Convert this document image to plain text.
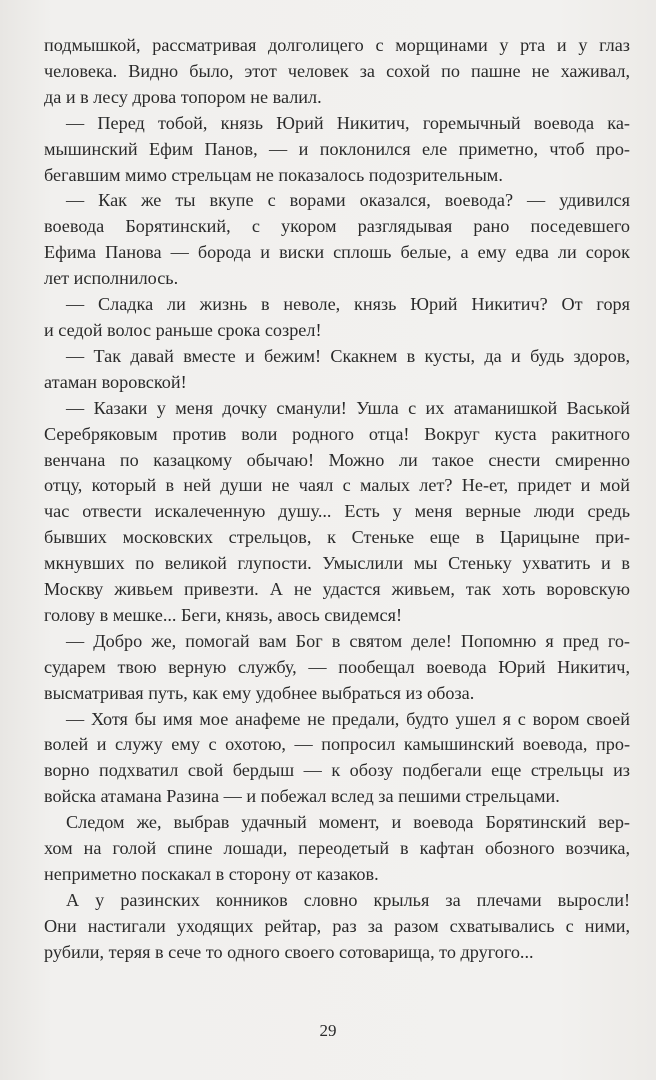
подмышкой, рассматривая долголицего с морщинами у рта и у глаз
человека. Видно было, этот человек за сохой по пашне не хаживал,
да и в лесу дрова топором не валил.
— Перед тобой, князь Юрий Никитич, горемычный воевода ка-
мышинский Ефим Панов, — и поклонился еле приметно, чтоб про-
бегавшим мимо стрельцам не показалось подозрительным.
— Как же ты вкупе с ворами оказался, воевода? — удивился
воевода Борятинский, с укором разглядывая рано поседевшего
Ефима Панова — борода и виски сплошь белые, а ему едва ли сорок
лет исполнилось.
— Сладка ли жизнь в неволе, князь Юрий Никитич? От горя
и седой волос раньше срока созрел!
— Так давай вместе и бежим! Скакнем в кусты, да и будь здоров,
атаман воровской!
— Казаки у меня дочку сманули! Ушла с их атаманишкой Васькой
Серебряковым против воли родного отца! Вокруг куста ракитного
венчана по казацкому обычаю! Можно ли такое снести смиренно
отцу, который в ней души не чаял с малых лет? Не-ет, придет и мой
час отвести искалеченную душу... Есть у меня верные люди средь
бывших московских стрельцов, к Стеньке еще в Царицыне при-
мкнувших по великой глупости. Умыслили мы Стеньку ухватить и в
Москву живьем привезти. А не удастся живьем, так хоть воровскую
голову в мешке... Беги, князь, авось свидемся!
— Добро же, помогай вам Бог в святом деле! Попомню я пред го-
сударем твою верную службу, — пообещал воевода Юрий Никитич,
высматривая путь, как ему удобнее выбраться из обоза.
— Хотя бы имя мое анафеме не предали, будто ушел я с вором своей
волей и служу ему с охотою, — попросил камышинский воевода, про-
ворно подхватил свой бердыш — к обозу подбегали еще стрельцы из
войска атамана Разина — и побежал вслед за пешими стрельцами.
Следом же, выбрав удачный момент, и воевода Борятинский вер-
хом на голой спине лошади, переодетый в кафтан обозного возчика,
неприметно поскакал в сторону от казаков.
А у разинских конников словно крылья за плечами выросли!
Они настигали уходящих рейтар, раз за разом схватывались с ними,
рубили, теряя в сече то одного своего сотоварища, то другого...
29
